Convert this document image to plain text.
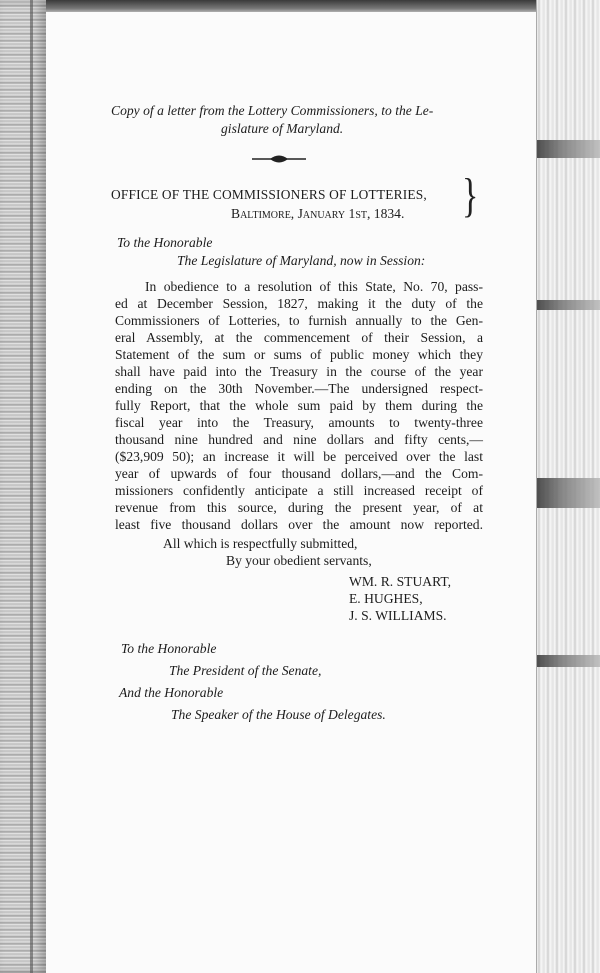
Copy of a letter from the Lottery Commissioners, to the Le-
gislature of Maryland.
OFFICE OF THE COMMISSIONERS OF LOTTERIES, }
Baltimore, January 1st, 1834.
To the Honorable
The Legislature of Maryland, now in Session:
In obedience to a resolution of this State, No. 70, pass-
ed at December Session, 1827, making it the duty of the
Commissioners of Lotteries, to furnish annually to the Gen-
eral Assembly, at the commencement of their Session, a
Statement of the sum or sums of public money which they
shall have paid into the Treasury in the course of the year
ending on the 30th November.—The undersigned respect-
fully Report, that the whole sum paid by them during the
fiscal year into the Treasury, amounts to twenty-three
thousand nine hundred and nine dollars and fifty cents,—
($23,909 50); an increase it will be perceived over the last
year of upwards of four thousand dollars,—and the Com-
missioners confidently anticipate a still increased receipt of
revenue from this source, during the present year, of at
least five thousand dollars over the amount now reported.
All which is respectfully submitted,
By your obedient servants,
WM. R. STUART,
E. HUGHES,
J. S. WILLIAMS.
To the Honorable
The President of the Senate,
And the Honorable
The Speaker of the House of Delegates.
